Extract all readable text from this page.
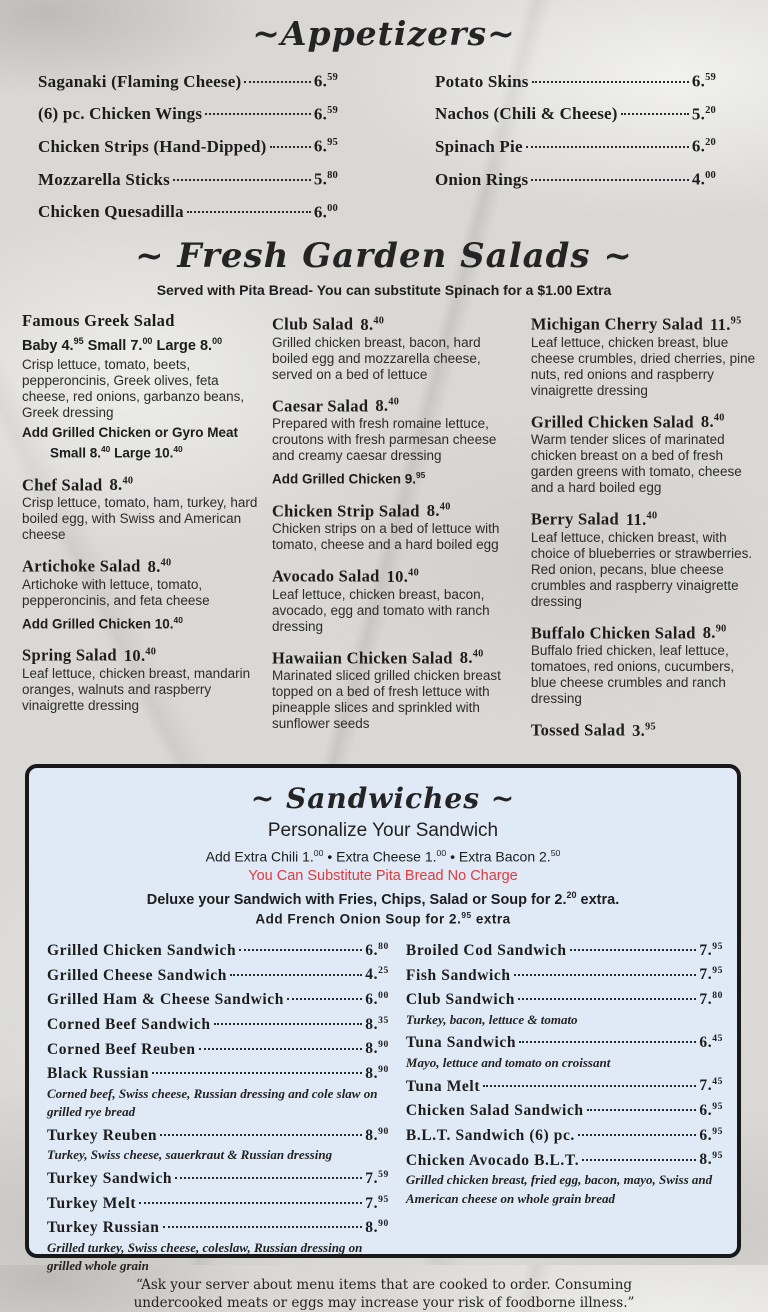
~Appetizers~
Saganaki (Flaming Cheese)	6.59
(6) pc. Chicken Wings	6.59
Chicken Strips (Hand-Dipped)	6.95
Mozzarella Sticks	5.80
Chicken Quesadilla	6.00
Potato Skins	6.59
Nachos (Chili & Cheese)	5.20
Spinach Pie	6.20
Onion Rings	4.00
~ Fresh Garden Salads ~
Served with Pita Bread- You can substitute Spinach for a $1.00 Extra
Famous Greek Salad
Baby 4.95 Small 7.00 Large 8.00
Crisp lettuce, tomato, beets, pepperoncinis, Greek olives, feta cheese, red onions, garbanzo beans, Greek dressing
Add Grilled Chicken or Gyro Meat
Small 8.40 Large 10.40
Chef Salad 8.40
Crisp lettuce, tomato, ham, turkey, hard boiled egg, with Swiss and American cheese
Artichoke Salad 8.40
Artichoke with lettuce, tomato, pepperoncinis, and feta cheese
Add Grilled Chicken 10.40
Spring Salad 10.40
Leaf lettuce, chicken breast, mandarin oranges, walnuts and raspberry vinaigrette dressing
Club Salad 8.40
Grilled chicken breast, bacon, hard boiled egg and mozzarella cheese, served on a bed of lettuce
Caesar Salad 8.40
Prepared with fresh romaine lettuce, croutons with fresh parmesan cheese and creamy caesar dressing
Add Grilled Chicken 9.95
Chicken Strip Salad 8.40
Chicken strips on a bed of lettuce with tomato, cheese and a hard boiled egg
Avocado Salad 10.40
Leaf lettuce, chicken breast, bacon, avocado, egg and tomato with ranch dressing
Hawaiian Chicken Salad 8.40
Marinated sliced grilled chicken breast topped on a bed of fresh lettuce with pineapple slices and sprinkled with sunflower seeds
Michigan Cherry Salad 11.95
Leaf lettuce, chicken breast, blue cheese crumbles, dried cherries, pine nuts, red onions and raspberry vinaigrette dressing
Grilled Chicken Salad 8.40
Warm tender slices of marinated chicken breast on a bed of fresh garden greens with tomato, cheese and a hard boiled egg
Berry Salad 11.40
Leaf lettuce, chicken breast, with choice of blueberries or strawberries. Red onion, pecans, blue cheese crumbles and raspberry vinaigrette dressing
Buffalo Chicken Salad 8.90
Buffalo fried chicken, leaf lettuce, tomatoes, red onions, cucumbers, blue cheese crumbles and ranch dressing
Tossed Salad 3.95
~ Sandwiches ~
Personalize Your Sandwich
Add Extra Chili 1.00 • Extra Cheese 1.00 • Extra Bacon 2.50
You Can Substitute Pita Bread No Charge
Deluxe your Sandwich with Fries, Chips, Salad or Soup for 2.20 extra.
Add French Onion Soup for 2.95 extra
Grilled Chicken Sandwich	6.80
Grilled Cheese Sandwich	4.25
Grilled Ham & Cheese Sandwich	6.00
Corned Beef Sandwich	8.35
Corned Beef Reuben	8.90
Black Russian	8.90
Corned beef, Swiss cheese, Russian dressing and cole slaw on grilled rye bread
Turkey Reuben	8.90
Turkey, Swiss cheese, sauerkraut & Russian dressing
Turkey Sandwich	7.59
Turkey Melt	7.95
Turkey Russian	8.90
Grilled turkey, Swiss cheese, coleslaw, Russian dressing on grilled whole grain
Broiled Cod Sandwich	7.95
Fish Sandwich	7.95
Club Sandwich	7.80
Turkey, bacon, lettuce & tomato
Tuna Sandwich	6.45
Mayo, lettuce and tomato on croissant
Tuna Melt	7.45
Chicken Salad Sandwich	6.95
B.L.T. Sandwich (6) pc.	6.95
Chicken Avocado B.L.T.	8.95
Grilled chicken breast, fried egg, bacon, mayo, Swiss and American cheese on whole grain bread
“Ask your server about menu items that are cooked to order. Consuming undercooked meats or eggs may increase your risk of foodborne illness.”
